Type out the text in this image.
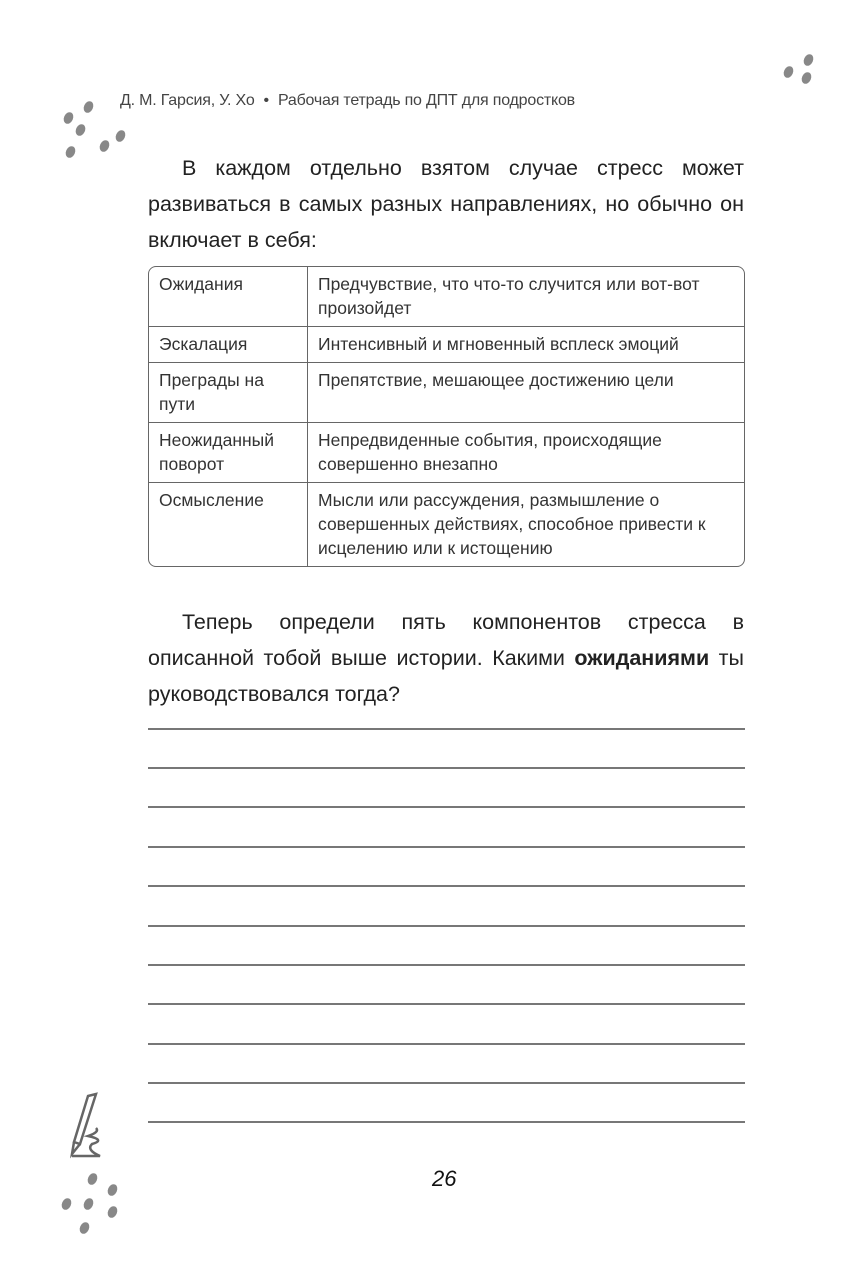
Д. М. Гарсия, У. Хо • Рабочая тетрадь по ДПТ для подростков
В каждом отдельно взятом случае стресс может развиваться в самых разных направлениях, но обычно он включает в себя:
Ожидания	Предчувствие, что что-то случится или вот-вот произойдет
Эскалация	Интенсивный и мгновенный всплеск эмоций
Преграды на пути	Препятствие, мешающее достижению цели
Неожиданный поворот	Непредвиденные события, происходящие совершенно внезапно
Осмысление	Мысли или рассуждения, размышление о совершенных действиях, способное привести к исцелению или к истощению
Теперь определи пять компонентов стресса в описанной тобой выше истории. Какими ожиданиями ты руководствовался тогда?
26
